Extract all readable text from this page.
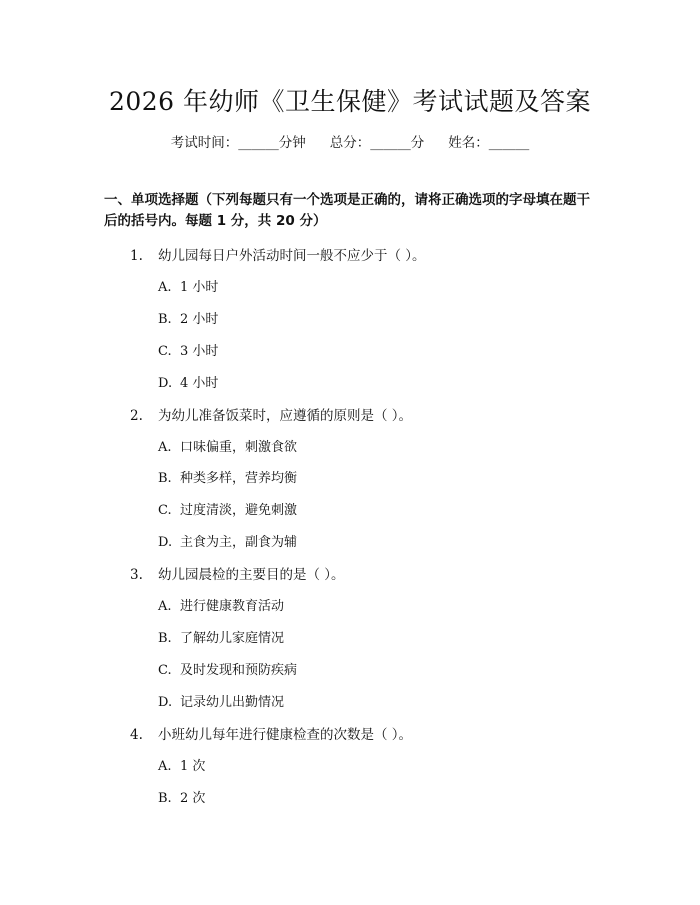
2026 年幼师《卫生保健》考试试题及答案
考试时间：______分钟 总分：______分 姓名：______
一、单项选择题（下列每题只有一个选项是正确的，请将正确选项的字母填在题干后的括号内。每题 1 分，共 20 分）
1. 幼儿园每日户外活动时间一般不应少于（ ）。
A. 1 小时
B. 2 小时
C. 3 小时
D. 4 小时
2. 为幼儿准备饭菜时，应遵循的原则是（ ）。
A. 口味偏重，刺激食欲
B. 种类多样，营养均衡
C. 过度清淡，避免刺激
D. 主食为主，副食为辅
3. 幼儿园晨检的主要目的是（ ）。
A. 进行健康教育活动
B. 了解幼儿家庭情况
C. 及时发现和预防疾病
D. 记录幼儿出勤情况
4. 小班幼儿每年进行健康检查的次数是（ ）。
A. 1 次
B. 2 次
